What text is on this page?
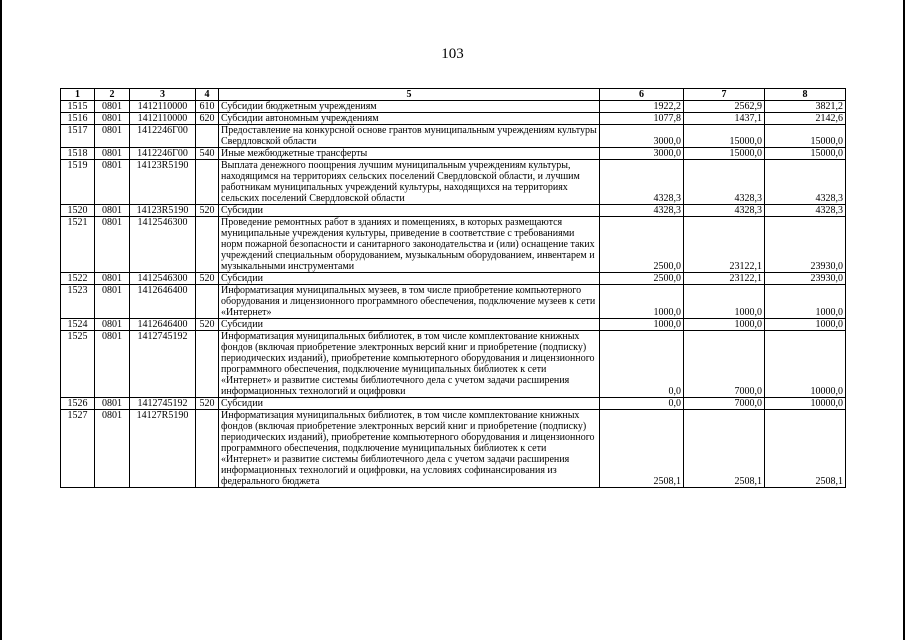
103
1	2	3	4	5	6	7	8
1515	0801	1412110000	610	Субсидии бюджетным учреждениям	1922,2	2562,9	3821,2
1516	0801	1412110000	620	Субсидии автономным учреждениям	1077,8	1437,1	2142,6
1517	0801	1412246Г00		Предоставление на конкурсной основе грантов муниципальным учреждениям культуры Свердловской области	3000,0	15000,0	15000,0
1518	0801	1412246Г00	540	Иные межбюджетные трансферты	3000,0	15000,0	15000,0
1519	0801	14123R5190		Выплата денежного поощрения лучшим муниципальным учреждениям культуры, находящимся на территориях сельских поселений Свердловской области, и лучшим работникам муниципальных учреждений культуры, находящихся на территориях сельских поселений Свердловской области	4328,3	4328,3	4328,3
1520	0801	14123R5190	520	Субсидии	4328,3	4328,3	4328,3
1521	0801	1412546300		Проведение ремонтных работ в зданиях и помещениях, в которых размещаются муниципальные учреждения культуры, приведение в соответствие с требованиями норм пожарной безопасности и санитарного законодательства и (или) оснащение таких учреждений специальным оборудованием, музыкальным оборудованием, инвентарем и музыкальными инструментами	2500,0	23122,1	23930,0
1522	0801	1412546300	520	Субсидии	2500,0	23122,1	23930,0
1523	0801	1412646400		Информатизация муниципальных музеев, в том числе приобретение компьютерного оборудования и лицензионного программного обеспечения, подключение музеев к сети «Интернет»	1000,0	1000,0	1000,0
1524	0801	1412646400	520	Субсидии	1000,0	1000,0	1000,0
1525	0801	1412745192		Информатизация муниципальных библиотек, в том числе комплектование книжных фондов (включая приобретение электронных версий книг и приобретение (подписку) периодических изданий), приобретение компьютерного оборудования и лицензионного программного обеспечения, подключение муниципальных библиотек к сети «Интернет» и развитие системы библиотечного дела с учетом задачи расширения информационных технологий и оцифровки	0,0	7000,0	10000,0
1526	0801	1412745192	520	Субсидии	0,0	7000,0	10000,0
1527	0801	14127R5190		Информатизация муниципальных библиотек, в том числе комплектование книжных фондов (включая приобретение электронных версий книг и приобретение (подписку) периодических изданий), приобретение компьютерного оборудования и лицензионного программного обеспечения, подключение муниципальных библиотек к сети «Интернет» и развитие системы библиотечного дела с учетом задачи расширения информационных технологий и оцифровки, на условиях софинансирования из федерального бюджета	2508,1	2508,1	2508,1
